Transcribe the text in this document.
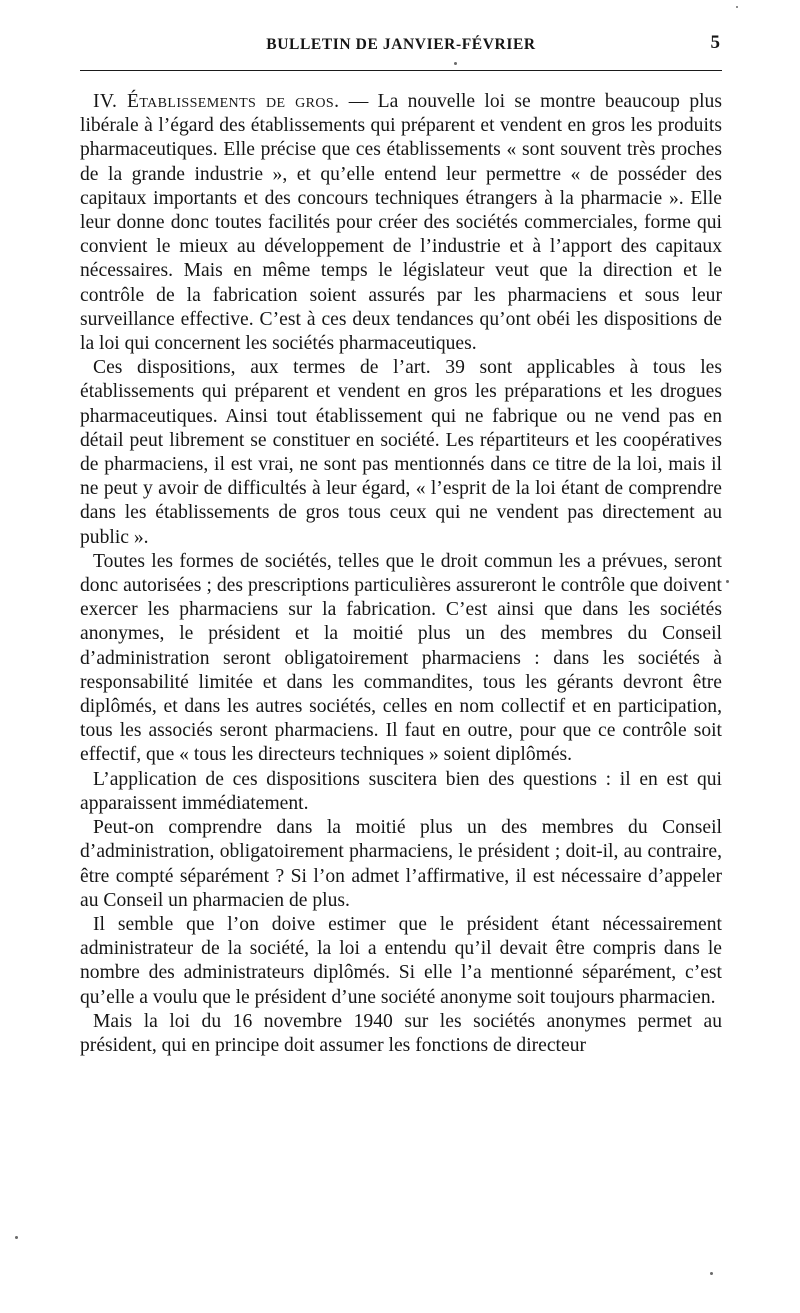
BULLETIN DE JANVIER-FÉVRIER	5

IV. Établissements de gros. — La nouvelle loi se montre beaucoup plus libérale à l’égard des établissements qui préparent et vendent en gros les produits pharmaceutiques. Elle précise que ces établissements « sont souvent très proches de la grande industrie », et qu’elle entend leur permettre « de posséder des capitaux importants et des concours techniques étrangers à la pharmacie ». Elle leur donne donc toutes facilités pour créer des sociétés commerciales, forme qui convient le mieux au développement de l’industrie et à l’apport des capitaux nécessaires. Mais en même temps le législateur veut que la direction et le contrôle de la fabrication soient assurés par les pharmaciens et sous leur surveillance effective. C’est à ces deux tendances qu’ont obéi les dispositions de la loi qui concernent les sociétés pharmaceutiques.

Ces dispositions, aux termes de l’art. 39 sont applicables à tous les établissements qui préparent et vendent en gros les préparations et les drogues pharmaceutiques. Ainsi tout établissement qui ne fabrique ou ne vend pas en détail peut librement se constituer en société. Les répartiteurs et les coopératives de pharmaciens, il est vrai, ne sont pas mentionnés dans ce titre de la loi, mais il ne peut y avoir de difficultés à leur égard, « l’esprit de la loi étant de comprendre dans les établissements de gros tous ceux qui ne vendent pas directement au public ».

Toutes les formes de sociétés, telles que le droit commun les a prévues, seront donc autorisées ; des prescriptions particulières assureront le contrôle que doivent exercer les pharmaciens sur la fabrication. C’est ainsi que dans les sociétés anonymes, le président et la moitié plus un des membres du Conseil d’administration seront obligatoirement pharmaciens : dans les sociétés à responsabilité limitée et dans les commandites, tous les gérants devront être diplômés, et dans les autres sociétés, celles en nom collectif et en participation, tous les associés seront pharmaciens. Il faut en outre, pour que ce contrôle soit effectif, que « tous les directeurs techniques » soient diplômés.

L’application de ces dispositions suscitera bien des questions : il en est qui apparaissent immédiatement.

Peut-on comprendre dans la moitié plus un des membres du Conseil d’administration, obligatoirement pharmaciens, le président ; doit-il, au contraire, être compté séparément ? Si l’on admet l’affirmative, il est nécessaire d’appeler au Conseil un pharmacien de plus.

Il semble que l’on doive estimer que le président étant nécessairement administrateur de la société, la loi a entendu qu’il devait être compris dans le nombre des administrateurs diplômés. Si elle l’a mentionné séparément, c’est qu’elle a voulu que le président d’une société anonyme soit toujours pharmacien.

Mais la loi du 16 novembre 1940 sur les sociétés anonymes permet au président, qui en principe doit assumer les fonctions de directeur
